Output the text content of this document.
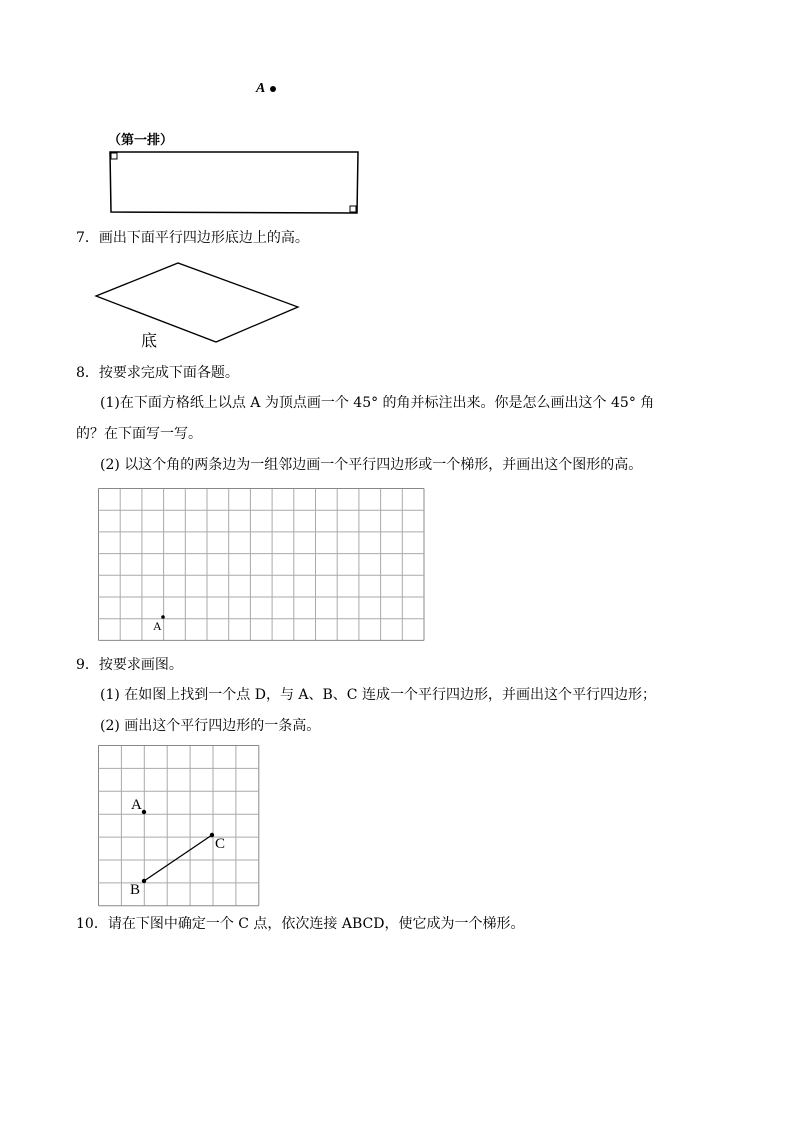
A
（第一排）
7．画出下面平行四边形底边上的高。
底
8．按要求完成下面各题。
(1)在下面方格纸上以点 A 为顶点画一个 45° 的角并标注出来。你是怎么画出这个 45° 角
的？在下面写一写。
(2) 以这个角的两条边为一组邻边画一个平行四边形或一个梯形，并画出这个图形的高。
A
9．按要求画图。
(1) 在如图上找到一个点 D，与 A、B、C 连成一个平行四边形，并画出这个平行四边形；
(2) 画出这个平行四边形的一条高。
A
B
C
10．请在下图中确定一个 C 点，依次连接 ABCD，使它成为一个梯形。
